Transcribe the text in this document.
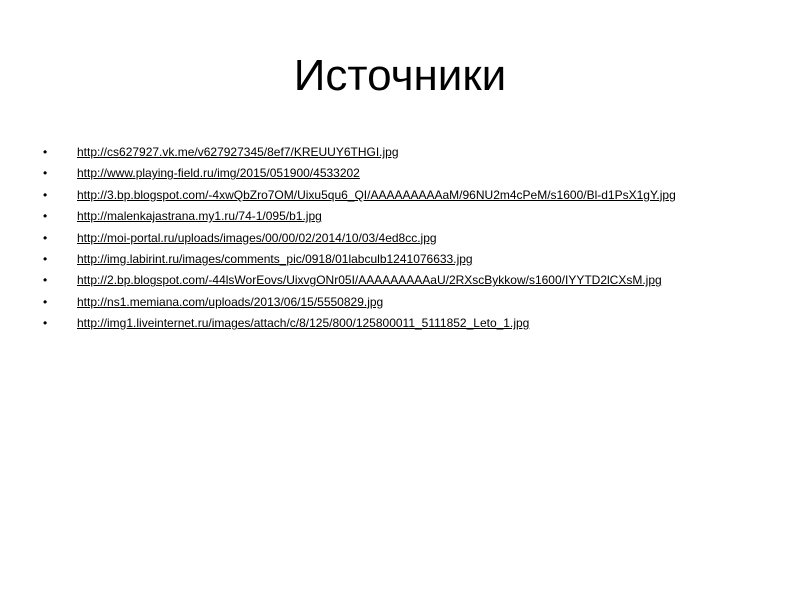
Источники
•	http://cs627927.vk.me/v627927345/8ef7/KREUUY6THGI.jpg
•	http://www.playing-field.ru/img/2015/051900/4533202
•	http://3.bp.blogspot.com/-4xwQbZro7OM/Uixu5qu6_QI/AAAAAAAAAaM/96NU2m4cPeM/s1600/Bl-d1PsX1gY.jpg
•	http://malenkajastrana.my1.ru/74-1/095/b1.jpg
•	http://moi-portal.ru/uploads/images/00/00/02/2014/10/03/4ed8cc.jpg
•	http://img.labirint.ru/images/comments_pic/0918/01labculb1241076633.jpg
•	http://2.bp.blogspot.com/-44lsWorEovs/UixvgONr05I/AAAAAAAAAaU/2RXscBykkow/s1600/IYYTD2lCXsM.jpg
•	http://ns1.memiana.com/uploads/2013/06/15/5550829.jpg
•	http://img1.liveinternet.ru/images/attach/c/8/125/800/125800011_5111852_Leto_1.jpg
